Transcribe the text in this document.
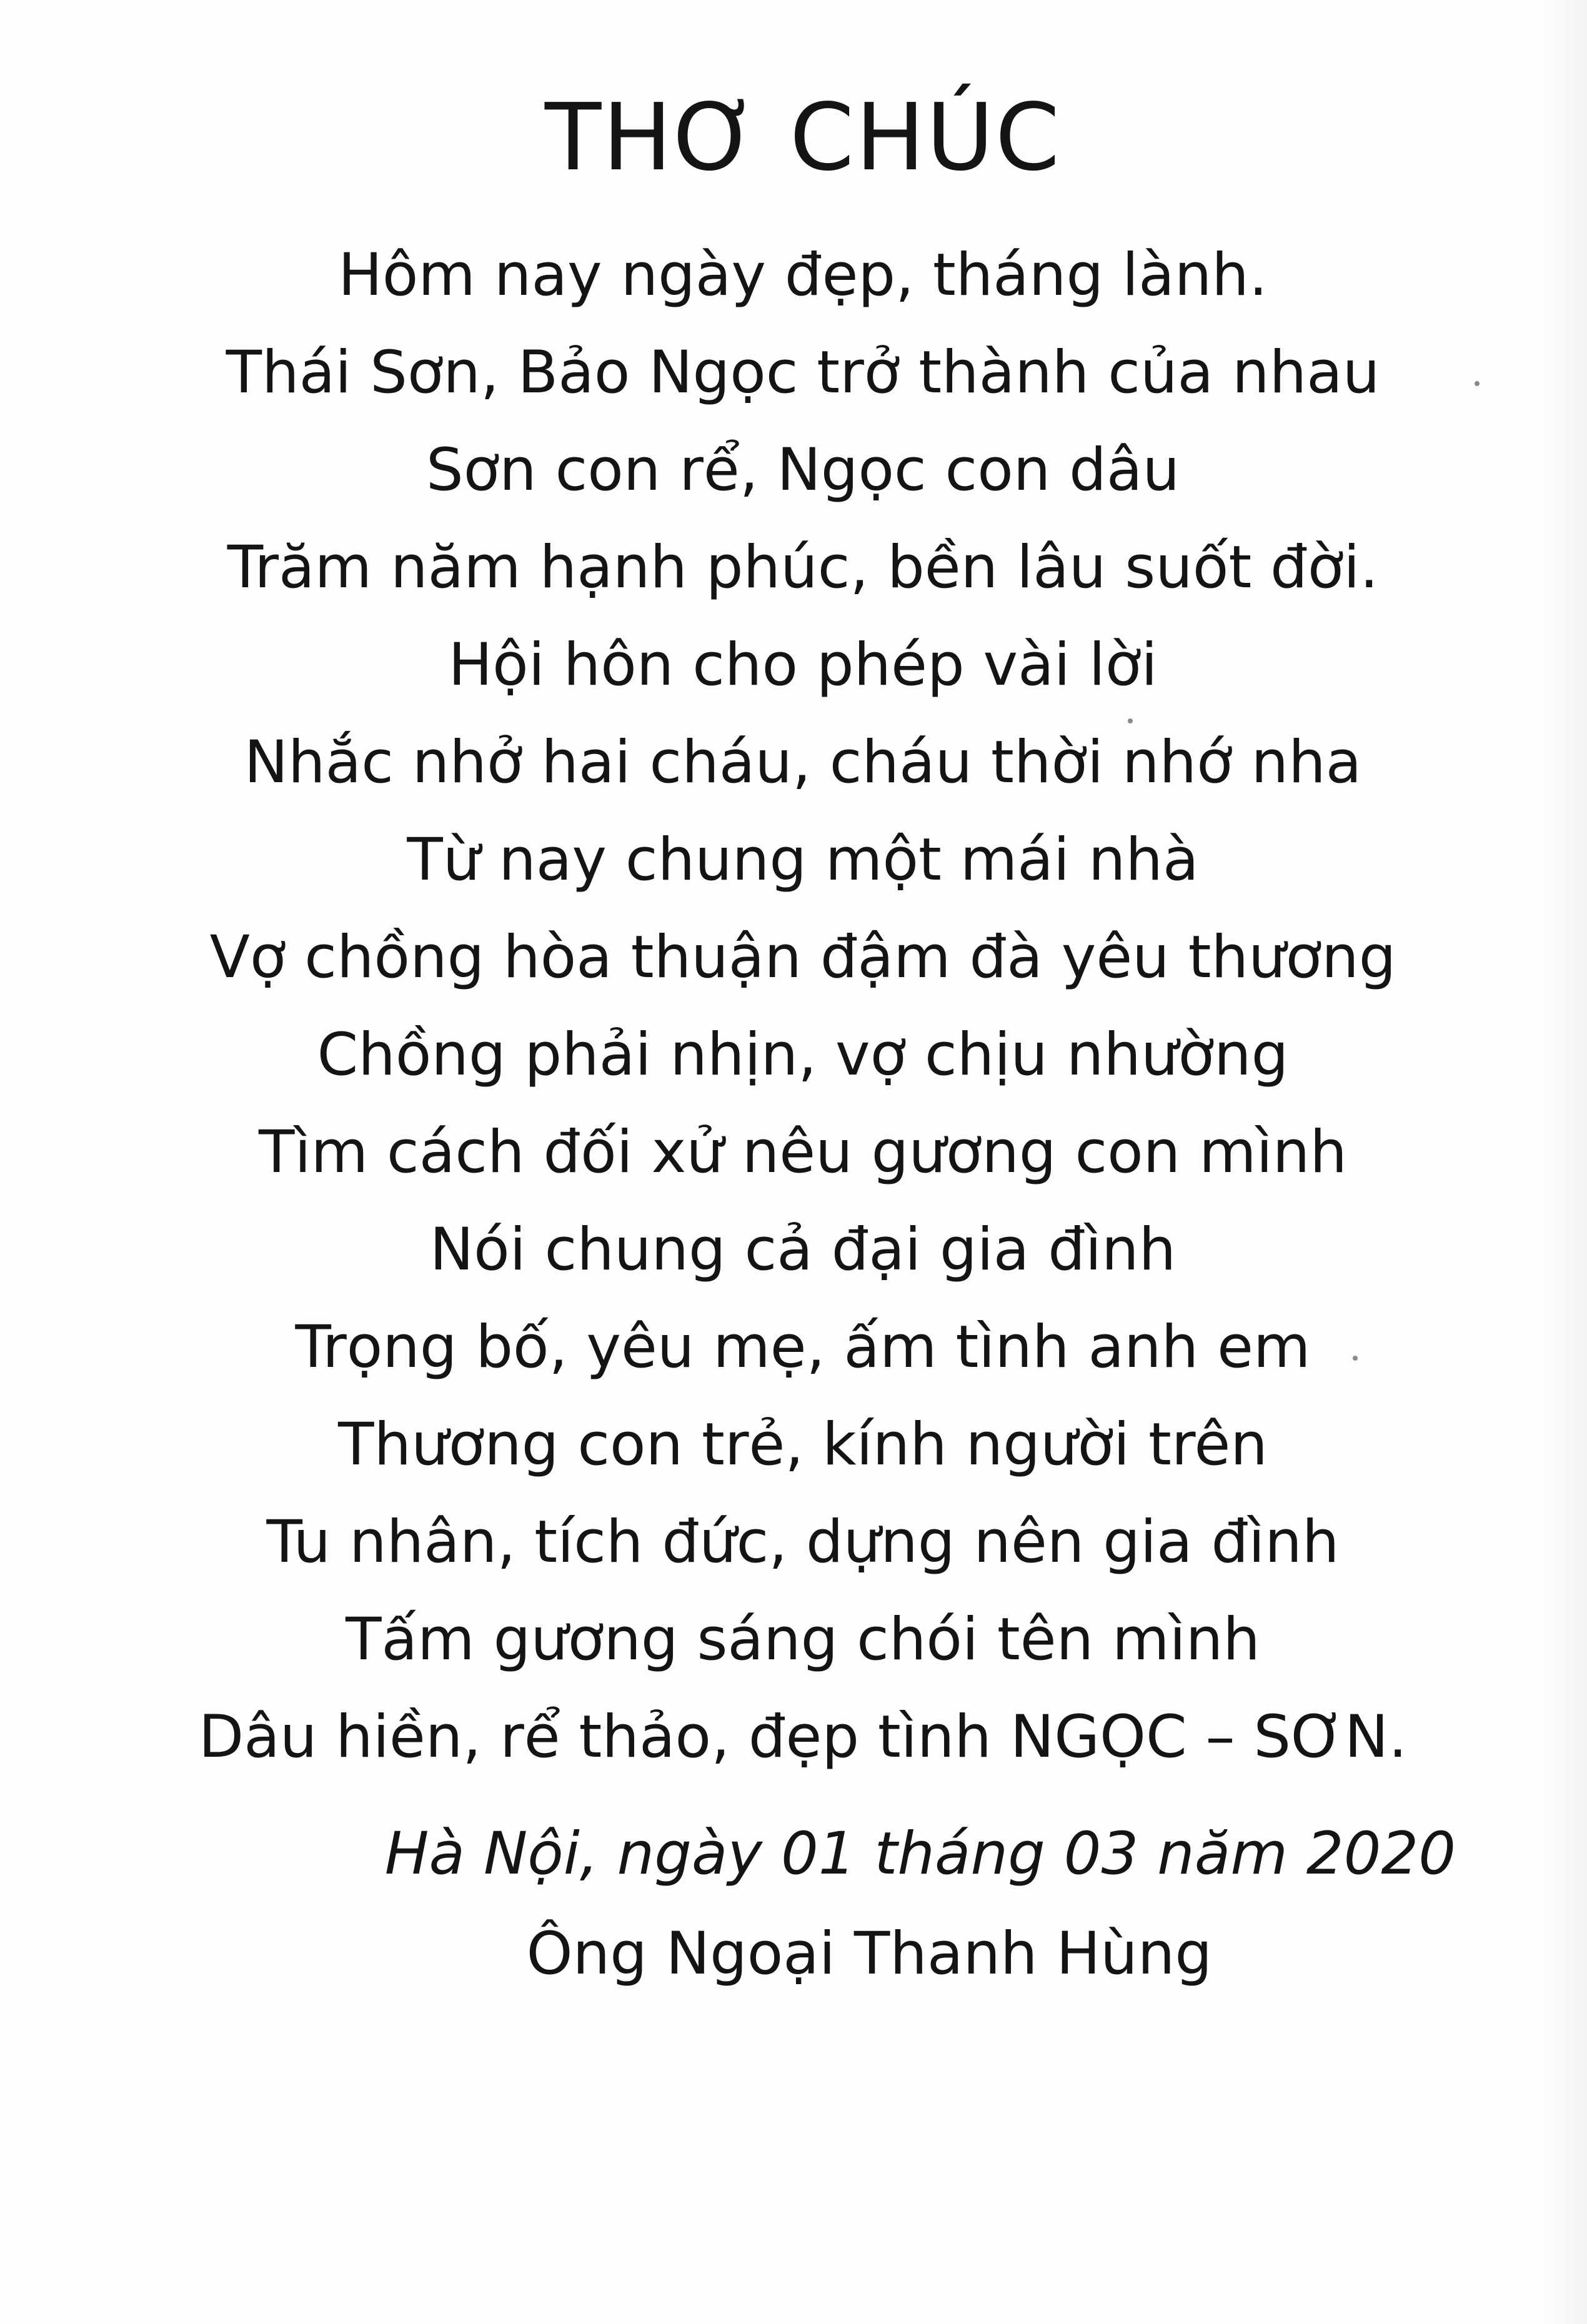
THƠ CHÚC
Hôm nay ngày đẹp, tháng lành.
Thái Sơn, Bảo Ngọc trở thành của nhau
Sơn con rể, Ngọc con dâu
Trăm năm hạnh phúc, bền lâu suốt đời.
Hội hôn cho phép vài lời
Nhắc nhở hai cháu, cháu thời nhớ nha
Từ nay chung một mái nhà
Vợ chồng hòa thuận đậm đà yêu thương
Chồng phải nhịn, vợ chịu nhường
Tìm cách đối xử nêu gương con mình
Nói chung cả đại gia đình
Trọng bố, yêu mẹ, ấm tình anh em
Thương con trẻ, kính người trên
Tu nhân, tích đức, dựng nên gia đình
Tấm gương sáng chói tên mình
Dâu hiền, rể thảo, đẹp tình NGỌC – SƠN.
Hà Nội, ngày 01 tháng 03 năm 2020
Ông Ngoại Thanh Hùng
